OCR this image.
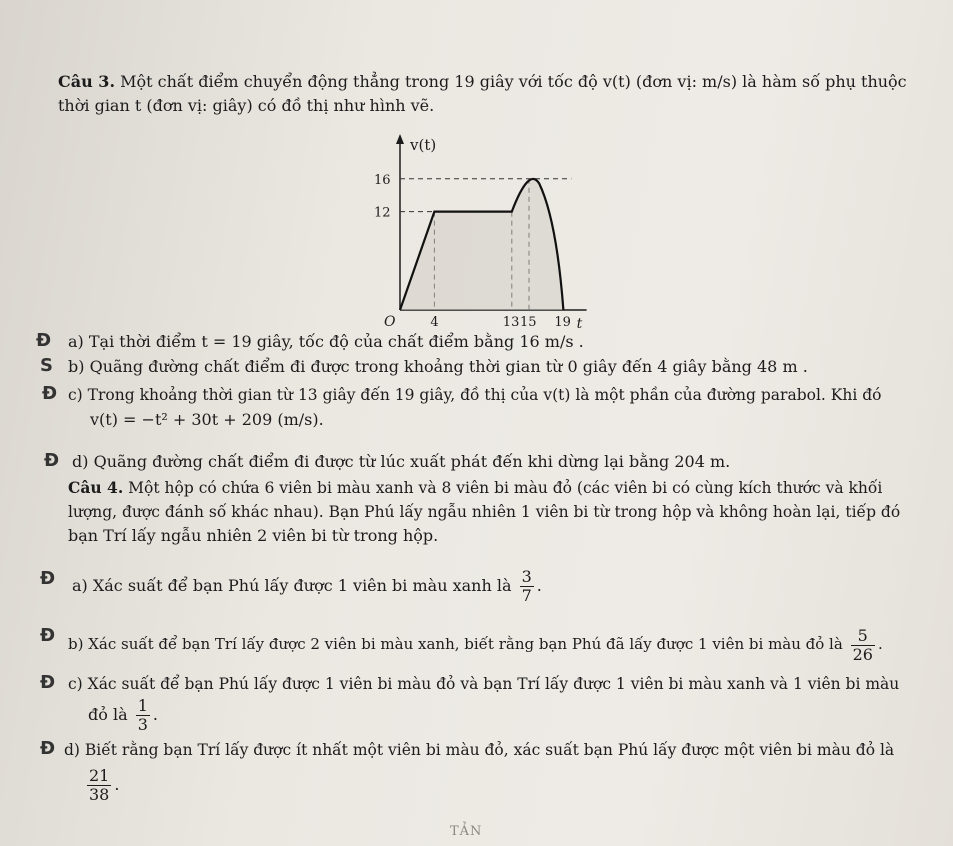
Câu 3. Một chất điểm chuyển động thẳng trong 19 giây với tốc độ v(t) (đơn vị: m/s) là hàm số phụ thuộc
thời gian t (đơn vị: giây) có đồ thị như hình vẽ.
v(t)
t
O	4	13 15 19
12
16
Đ a) Tại thời điểm t = 19 giây, tốc độ của chất điểm bằng 16 m/s .
S b) Quãng đường chất điểm đi được trong khoảng thời gian từ 0 giây đến 4 giây bằng 48 m .
Đ c) Trong khoảng thời gian từ 13 giây đến 19 giây, đồ thị của v(t) là một phần của đường parabol. Khi đó
v(t) = −t² + 30t + 209 (m/s).
Đ d) Quãng đường chất điểm đi được từ lúc xuất phát đến khi dừng lại bằng 204 m.
Câu 4. Một hộp có chứa 6 viên bi màu xanh và 8 viên bi màu đỏ (các viên bi có cùng kích thước và khối
lượng, được đánh số khác nhau). Bạn Phú lấy ngẫu nhiên 1 viên bi từ trong hộp và không hoàn lại, tiếp đó
bạn Trí lấy ngẫu nhiên 2 viên bi từ trong hộp.
Đ a) Xác suất để bạn Phú lấy được 1 viên bi màu xanh là $\frac{3}{7}$ .
Đ b) Xác suất để bạn Trí lấy được 2 viên bi màu xanh, biết rằng bạn Phú đã lấy được 1 viên bi màu đỏ là $\frac{5}{26}$ .
Đ c) Xác suất để bạn Phú lấy được 1 viên bi màu đỏ và bạn Trí lấy được 1 viên bi màu xanh và 1 viên bi màu
đỏ là $\frac{1}{3}$ .
Đ d) Biết rằng bạn Trí lấy được ít nhất một viên bi màu đỏ, xác suất bạn Phú lấy được một viên bi màu đỏ là
$\frac{21}{38}$ .
TẢN
